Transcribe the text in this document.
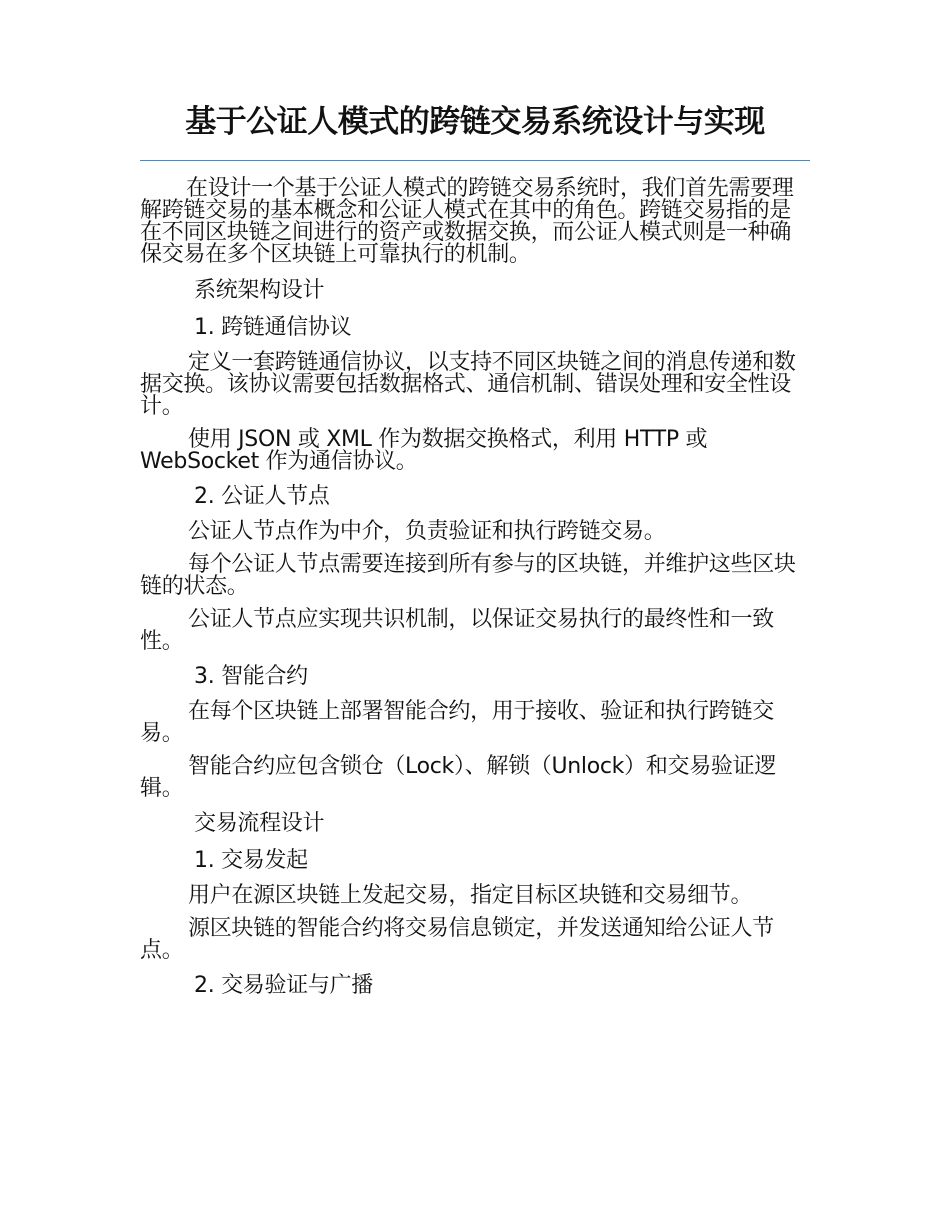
基于公证人模式的跨链交易系统设计与实现

在设计一个基于公证人模式的跨链交易系统时，我们首先需要理解跨链交易的基本概念和公证人模式在其中的角色。跨链交易指的是在不同区块链之间进行的资产或数据交换，而公证人模式则是一种确保交易在多个区块链上可靠执行的机制。

系统架构设计
1. 跨链通信协议

定义一套跨链通信协议，以支持不同区块链之间的消息传递和数据交换。该协议需要包括数据格式、通信机制、错误处理和安全性设计。

使用 JSON 或 XML 作为数据交换格式，利用 HTTP 或 WebSocket 作为通信协议。

2. 公证人节点

公证人节点作为中介，负责验证和执行跨链交易。

每个公证人节点需要连接到所有参与的区块链，并维护这些区块链的状态。

公证人节点应实现共识机制，以保证交易执行的最终性和一致性。

3. 智能合约

在每个区块链上部署智能合约，用于接收、验证和执行跨链交易。

智能合约应包含锁仓（Lock）、解锁（Unlock）和交易验证逻辑。

交易流程设计
1. 交易发起

用户在源区块链上发起交易，指定目标区块链和交易细节。

源区块链的智能合约将交易信息锁定，并发送通知给公证人节点。

2. 交易验证与广播
